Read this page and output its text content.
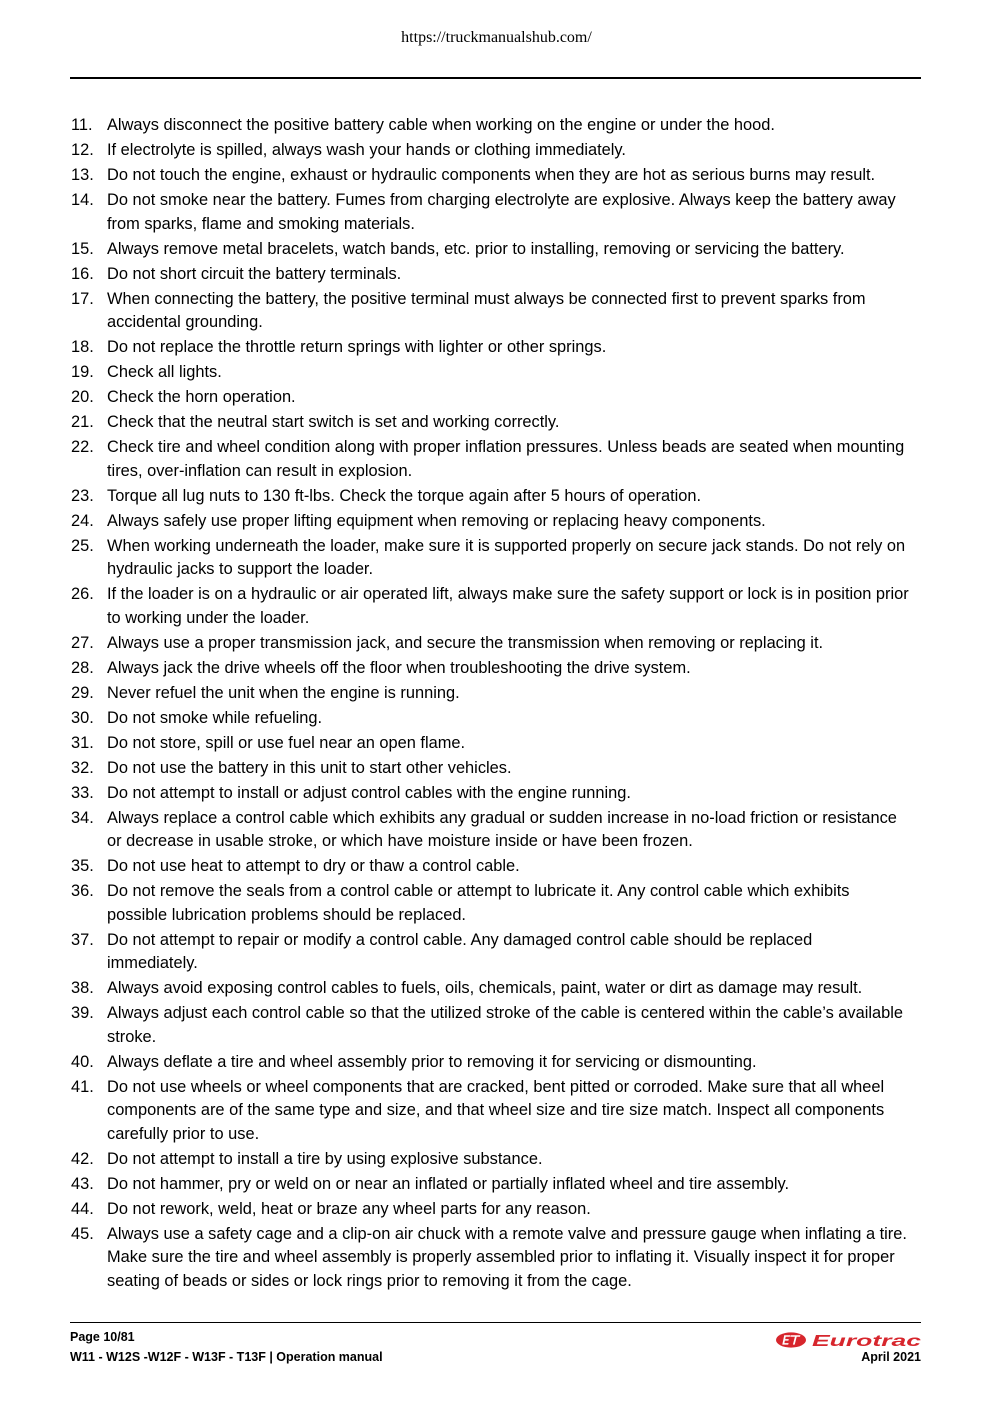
https://truckmanualshub.com/
11. Always disconnect the positive battery cable when working on the engine or under the hood.
12. If electrolyte is spilled, always wash your hands or clothing immediately.
13. Do not touch the engine, exhaust or hydraulic components when they are hot as serious burns may result.
14. Do not smoke near the battery. Fumes from charging electrolyte are explosive. Always keep the battery away
from sparks, flame and smoking materials.
15. Always remove metal bracelets, watch bands, etc. prior to installing, removing or servicing the battery.
16. Do not short circuit the battery terminals.
17. When connecting the battery, the positive terminal must always be connected first to prevent sparks from
accidental grounding.
18. Do not replace the throttle return springs with lighter or other springs.
19. Check all lights.
20. Check the horn operation.
21. Check that the neutral start switch is set and working correctly.
22. Check tire and wheel condition along with proper inflation pressures. Unless beads are seated when mounting
tires, over-inflation can result in explosion.
23. Torque all lug nuts to 130 ft-lbs. Check the torque again after 5 hours of operation.
24. Always safely use proper lifting equipment when removing or replacing heavy components.
25. When working underneath the loader, make sure it is supported properly on secure jack stands. Do not rely on
hydraulic jacks to support the loader.
26. If the loader is on a hydraulic or air operated lift, always make sure the safety support or lock is in position prior
to working under the loader.
27. Always use a proper transmission jack, and secure the transmission when removing or replacing it.
28. Always jack the drive wheels off the floor when troubleshooting the drive system.
29. Never refuel the unit when the engine is running.
30. Do not smoke while refueling.
31. Do not store, spill or use fuel near an open flame.
32. Do not use the battery in this unit to start other vehicles.
33. Do not attempt to install or adjust control cables with the engine running.
34. Always replace a control cable which exhibits any gradual or sudden increase in no-load friction or resistance
or decrease in usable stroke, or which have moisture inside or have been frozen.
35. Do not use heat to attempt to dry or thaw a control cable.
36. Do not remove the seals from a control cable or attempt to lubricate it. Any control cable which exhibits
possible lubrication problems should be replaced.
37. Do not attempt to repair or modify a control cable. Any damaged control cable should be replaced
immediately.
38. Always avoid exposing control cables to fuels, oils, chemicals, paint, water or dirt as damage may result.
39. Always adjust each control cable so that the utilized stroke of the cable is centered within the cable’s available
stroke.
40. Always deflate a tire and wheel assembly prior to removing it for servicing or dismounting.
41. Do not use wheels or wheel components that are cracked, bent pitted or corroded. Make sure that all wheel
components are of the same type and size, and that wheel size and tire size match. Inspect all components
carefully prior to use.
42. Do not attempt to install a tire by using explosive substance.
43. Do not hammer, pry or weld on or near an inflated or partially inflated wheel and tire assembly.
44. Do not rework, weld, heat or braze any wheel parts for any reason.
45. Always use a safety cage and a clip-on air chuck with a remote valve and pressure gauge when inflating a tire.
Make sure the tire and wheel assembly is properly assembled prior to inflating it. Visually inspect it for proper
seating of beads or sides or lock rings prior to removing it from the cage.
Page 10/81
W11 - W12S -W12F - W13F - T13F | Operation manual	April 2021
Eurotrac
